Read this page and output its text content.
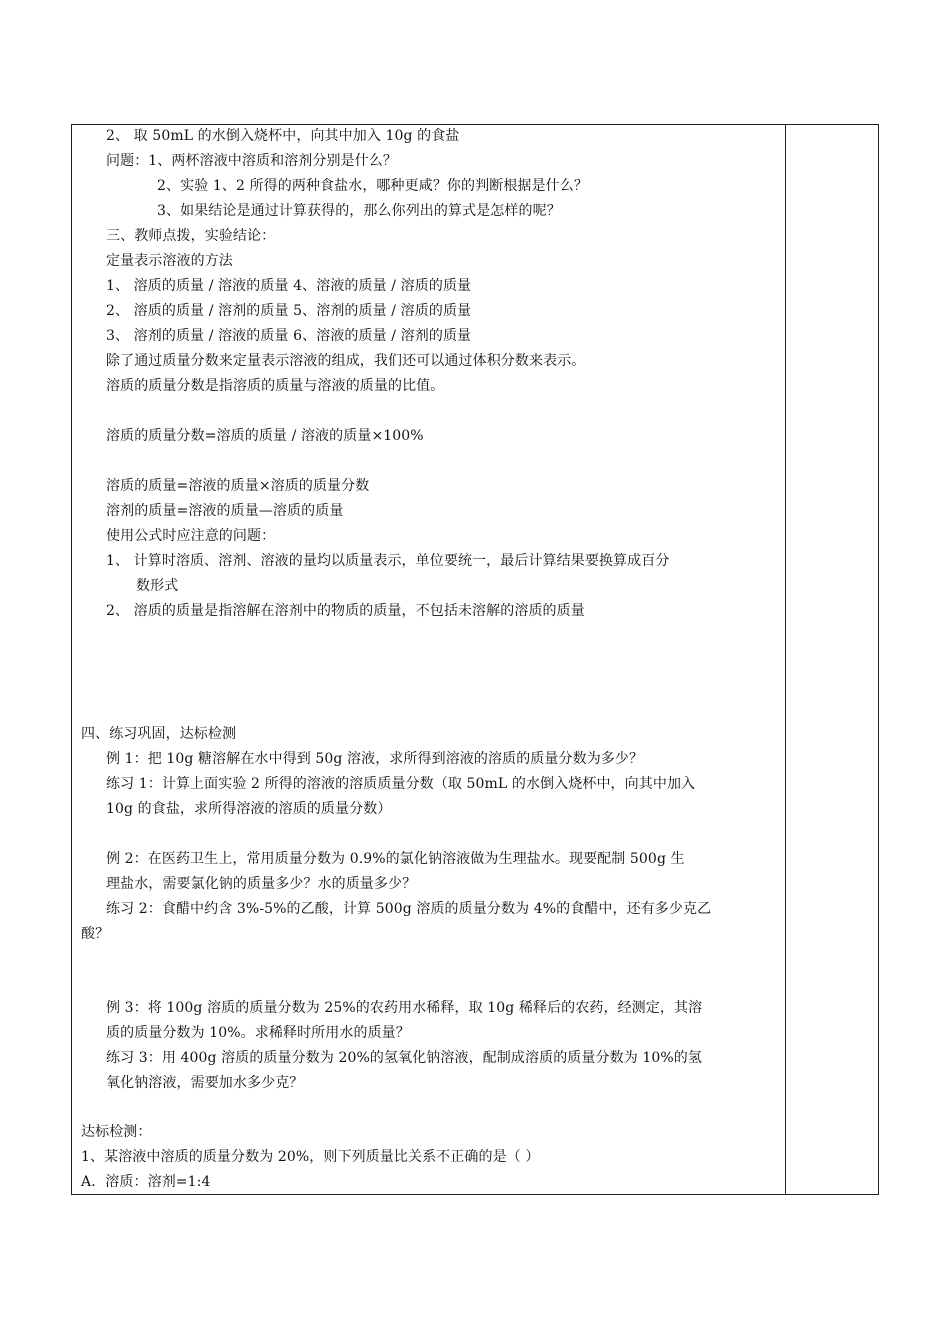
2、 取 50mL 的水倒入烧杯中，向其中加入 10g 的食盐
问题：1、两杯溶液中溶质和溶剂分别是什么？
2、实验 1、2 所得的两种食盐水，哪种更咸？你的判断根据是什么？
3、如果结论是通过计算获得的，那么你列出的算式是怎样的呢？
三、教师点拨，实验结论：
定量表示溶液的方法
1、 溶质的质量 / 溶液的质量 4、溶液的质量 / 溶质的质量
2、 溶质的质量 / 溶剂的质量 5、溶剂的质量 / 溶质的质量
3、 溶剂的质量 / 溶液的质量 6、溶液的质量 / 溶剂的质量
除了通过质量分数来定量表示溶液的组成，我们还可以通过体积分数来表示。
溶质的质量分数是指溶质的质量与溶液的质量的比值。
溶质的质量分数=溶质的质量 / 溶液的质量×100%
溶质的质量=溶液的质量×溶质的质量分数
溶剂的质量=溶液的质量—溶质的质量
使用公式时应注意的问题：
1、 计算时溶质、溶剂、溶液的量均以质量表示，单位要统一，最后计算结果要换算成百分
数形式
2、 溶质的质量是指溶解在溶剂中的物质的质量，不包括未溶解的溶质的质量
四、练习巩固，达标检测
例 1：把 10g 糖溶解在水中得到 50g 溶液，求所得到溶液的溶质的质量分数为多少？
练习 1：计算上面实验 2 所得的溶液的溶质质量分数（取 50mL 的水倒入烧杯中，向其中加入
10g 的食盐，求所得溶液的溶质的质量分数）
例 2：在医药卫生上，常用质量分数为 0.9%的氯化钠溶液做为生理盐水。现要配制 500g 生
理盐水，需要氯化钠的质量多少？水的质量多少？
练习 2：食醋中约含 3%-5%的乙酸，计算 500g 溶质的质量分数为 4%的食醋中，还有多少克乙
酸？
例 3：将 100g 溶质的质量分数为 25%的农药用水稀释，取 10g 稀释后的农药，经测定，其溶
质的质量分数为 10%。求稀释时所用水的质量？
练习 3：用 400g 溶质的质量分数为 20%的氢氧化钠溶液，配制成溶质的质量分数为 10%的氢
氧化钠溶液，需要加水多少克？
达标检测：
1、某溶液中溶质的质量分数为 20%，则下列质量比关系不正确的是（ ）
A．溶质：溶剂=1:4
